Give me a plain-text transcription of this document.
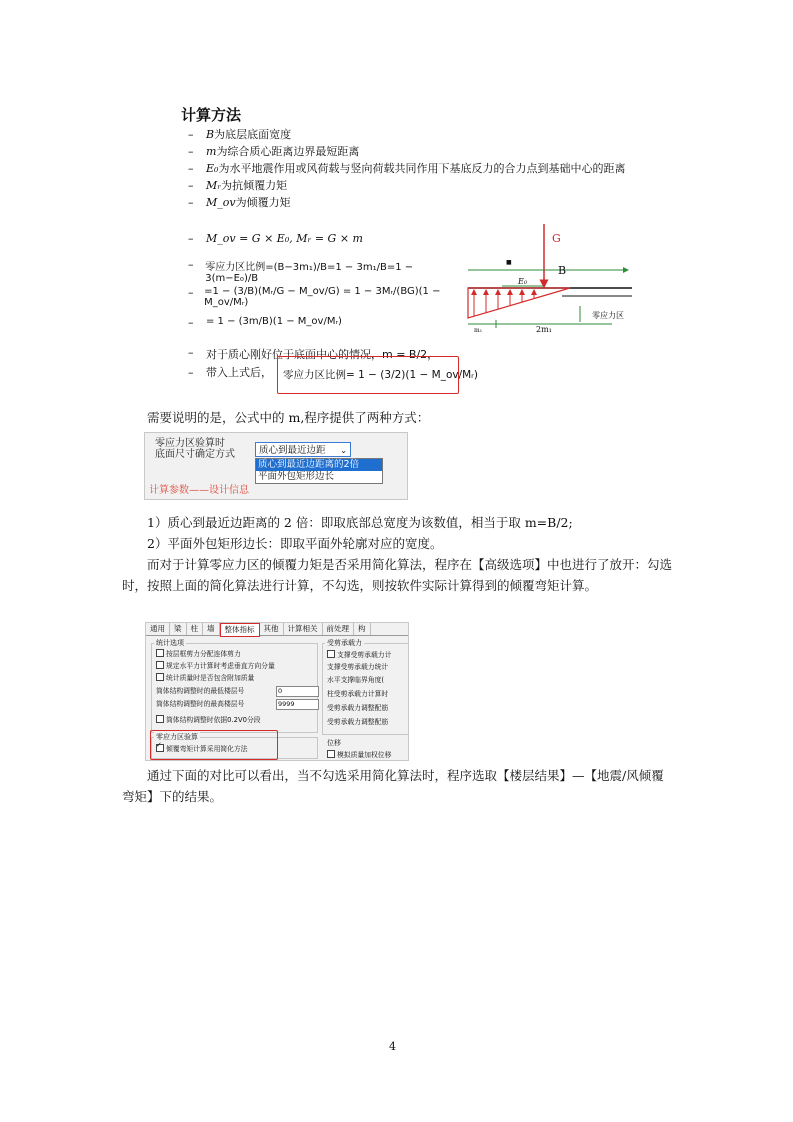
计算方法
–	B为底层底面宽度
–	m为综合质心距离边界最短距离
–	E₀为水平地震作用或风荷载与竖向荷载共同作用下基底反力的合力点到基础中心的距离
–	Mᵣ为抗倾覆力矩
–	M_ov为倾覆力矩
–	M_ov = G × E₀, Mᵣ = G × m
–	零应力区比例=(B−3m₁)/B=1 − 3m₁/B=1 − 3(m−E₀)/B
–	=1 − (3/B)(Mᵣ/G − M_ov/G) = 1 − 3Mᵣ/(BG)(1 − M_ov/Mᵣ)
–	= 1 − (3m/B)(1 − M_ov/Mᵣ)
–	对于质心刚好位于底面中心的情况，m = B/2，
–	带入上式后， 零应力区比例= 1 − (3/2)(1 − M_ov/Mᵣ)
G
B
■
E₀
m₁	2m₁
零应力区
需要说明的是，公式中的 m,程序提供了两种方式：
零应力区验算时
底面尺寸确定方式	质心到最近边距 ⌄
质心到最近边距离的2倍
平面外包矩形边长
计算参数——设计信息
1）质心到最近边距离的 2 倍：即取底部总宽度为该数值，相当于取 m=B/2;
2）平面外包矩形边长：即取平面外轮廓对应的宽度。
而对于计算零应力区的倾覆力矩是否采用简化算法，程序在【高级选项】中也进行了放开：勾选时，按照上面的简化算法进行计算，不勾选，则按软件实际计算得到的倾覆弯矩计算。
通用	梁	柱	墙	整体指标	其他	计算相关	前处理	构
统计选项
按层框剪力分配连体剪力
规定水平力计算时考虑垂直方向分量
统计质量时是否包含附加质量
筒体结构调整时的最低楼层号	0
筒体结构调整时的最高楼层号	9999
筒体结构调整时依据0.2V0分段
零应力区验算
✓倾覆弯矩计算采用简化方法
受剪承载力
支撑受剪承载力计
支撑受剪承载力统计
水平支撑临界角度(
柱受剪承载力计算时
受剪承载力调整配筋
受剪承载力调整配筋
位移
模拟质量加权位移
通过下面的对比可以看出，当不勾选采用简化算法时，程序选取【楼层结果】—【地震/风倾覆弯矩】下的结果。
4
